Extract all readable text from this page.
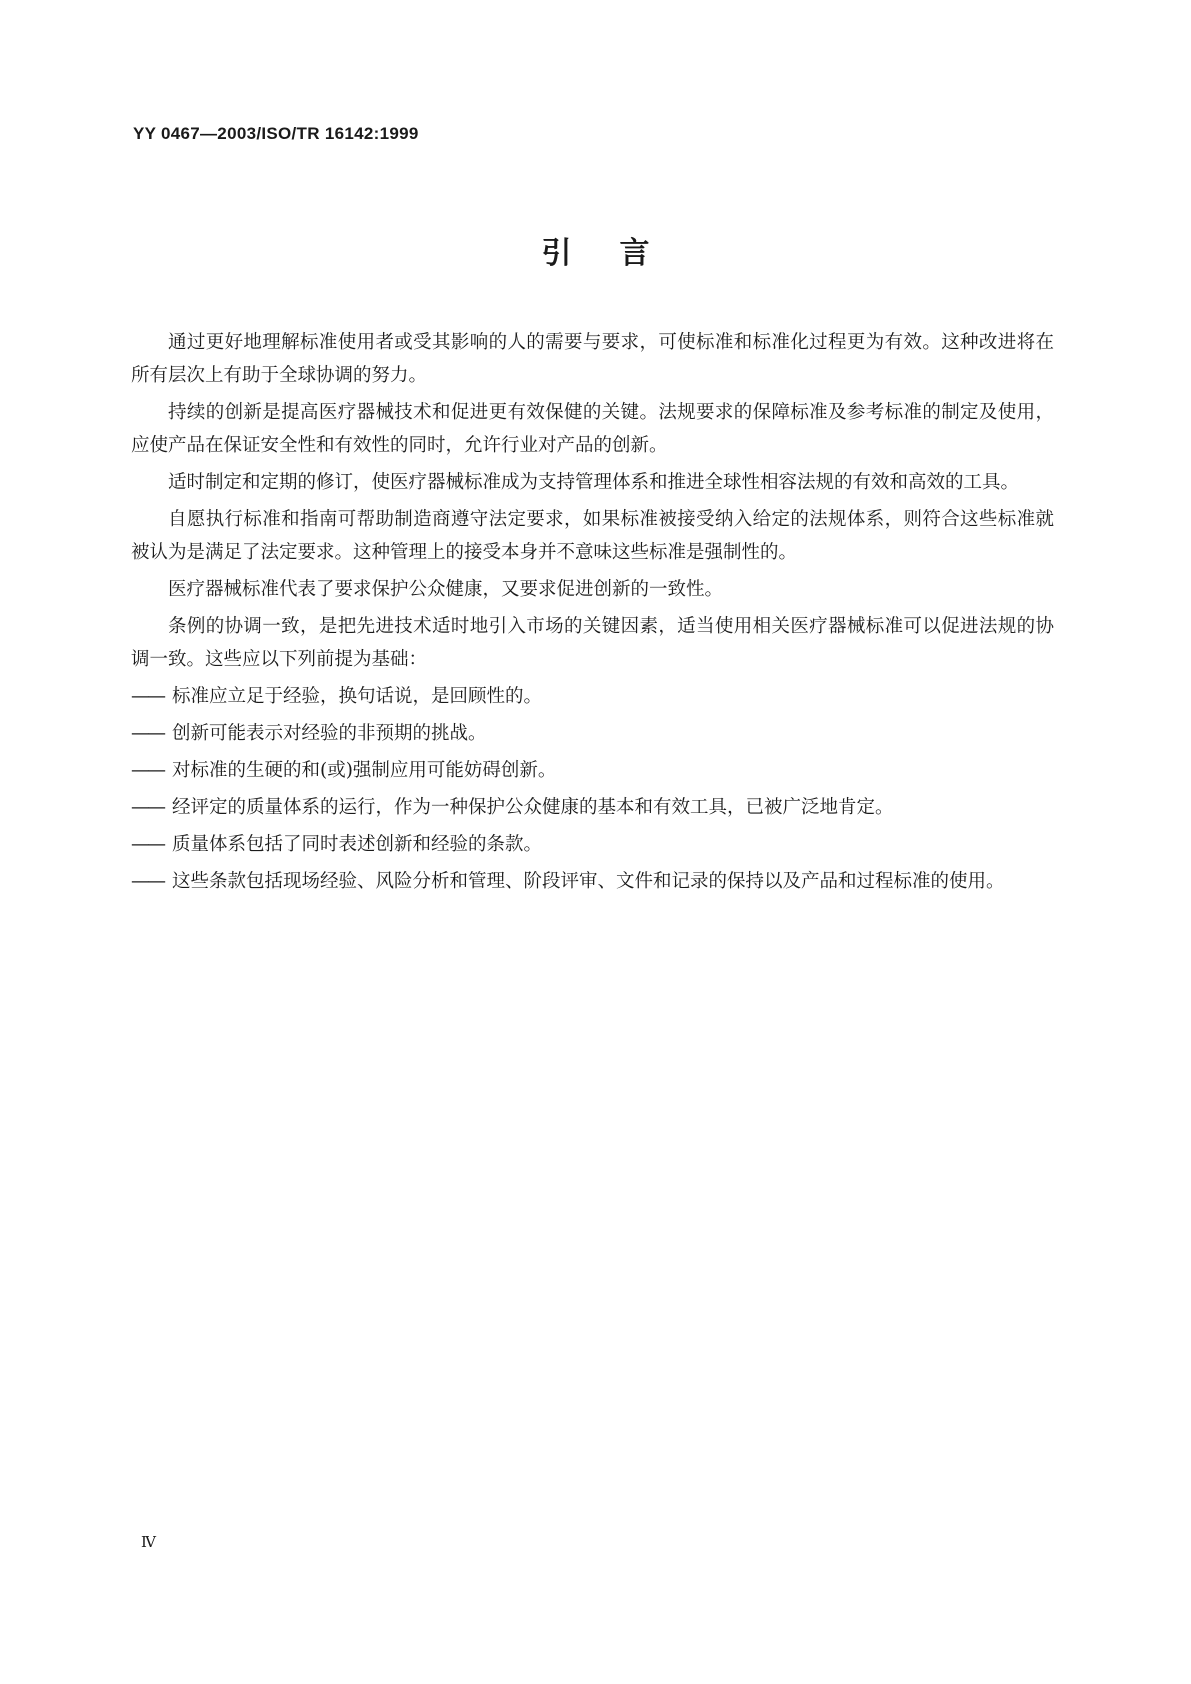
YY 0467—2003/ISO/TR 16142:1999
引言

通过更好地理解标准使用者或受其影响的人的需要与要求，可使标准和标准化过程更为有效。这种改进将在所有层次上有助于全球协调的努力。

持续的创新是提高医疗器械技术和促进更有效保健的关键。法规要求的保障标准及参考标准的制定及使用，应使产品在保证安全性和有效性的同时，允许行业对产品的创新。

适时制定和定期的修订，使医疗器械标准成为支持管理体系和推进全球性相容法规的有效和高效的工具。

自愿执行标准和指南可帮助制造商遵守法定要求，如果标准被接受纳入给定的法规体系，则符合这些标准就被认为是满足了法定要求。这种管理上的接受本身并不意味这些标准是强制性的。

医疗器械标准代表了要求保护公众健康，又要求促进创新的一致性。

条例的协调一致，是把先进技术适时地引入市场的关键因素，适当使用相关医疗器械标准可以促进法规的协调一致。这些应以下列前提为基础：

—— 标准应立足于经验，换句话说，是回顾性的。

—— 创新可能表示对经验的非预期的挑战。

—— 对标准的生硬的和(或)强制应用可能妨碍创新。

—— 经评定的质量体系的运行，作为一种保护公众健康的基本和有效工具，已被广泛地肯定。

—— 质量体系包括了同时表述创新和经验的条款。

—— 这些条款包括现场经验、风险分析和管理、阶段评审、文件和记录的保持以及产品和过程标准的使用。

Ⅳ
